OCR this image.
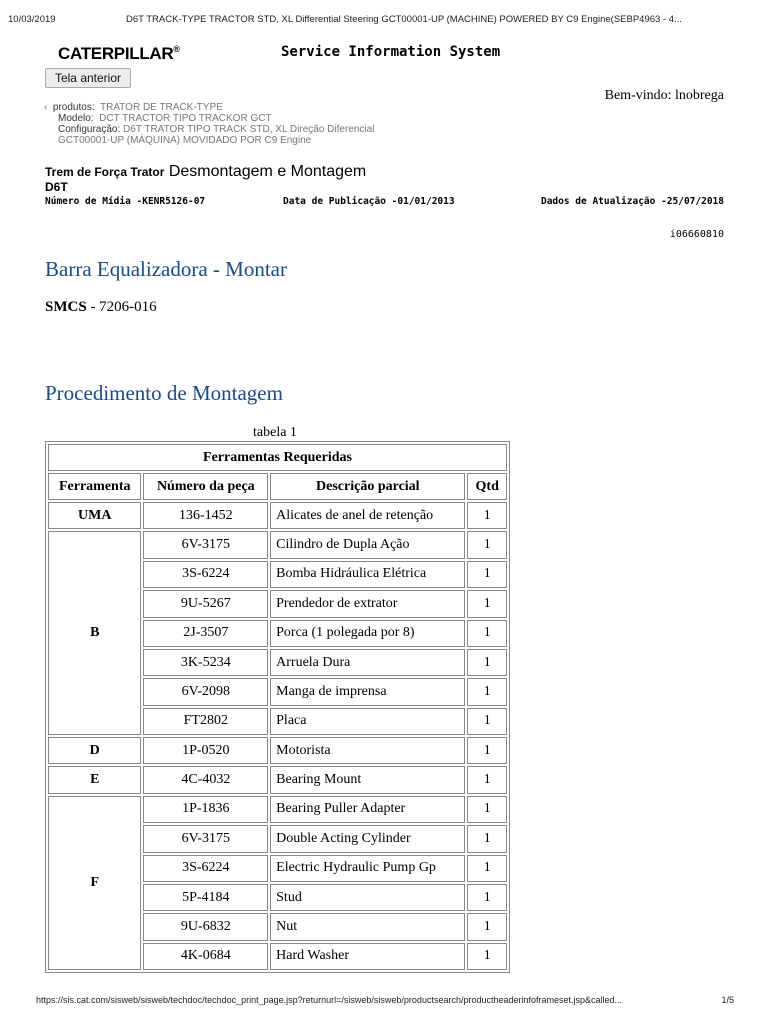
10/03/2019	D6T TRACK-TYPE TRACTOR STD, XL Differential Steering GCT00001-UP (MACHINE) POWERED BY C9 Engine(SEBP4963 - 4...
CATERPILLAR®	Service Information System
Tela anterior
Bem-vindo: lnobrega
‹ produtos: TRATOR DE TRACK-TYPE
Modelo: DCT TRACTOR TIPO TRACKOR GCT
Configuração: D6T TRATOR TIPO TRACK STD, XL Direção Diferencial
GCT00001-UP (MÁQUINA) MOVIDADO POR C9 Engine
Trem de Força Trator Desmontagem e Montagem
D6T
Número de Mídia -KENR5126-07	Data de Publicação -01/01/2013	Dados de Atualização -25/07/2018
i06660810
Barra Equalizadora - Montar
SMCS - 7206-016
Procedimento de Montagem
tabela 1
Ferramentas Requeridas			
Ferramenta	Número da peça	Descrição parcial	Qtd
UMA	136-1452	Alicates de anel de retenção	1
B	6V-3175	Cilindro de Dupla Ação	1
	3S-6224	Bomba Hidráulica Elétrica	1
	9U-5267	Prendedor de extrator	1
	2J-3507	Porca (1 polegada por 8)	1
	3K-5234	Arruela Dura	1
	6V-2098	Manga de imprensa	1
	FT2802	Placa	1
D	1P-0520	Motorista	1
E	4C-4032	Bearing Mount	1
F	1P-1836	Bearing Puller Adapter	1
	6V-3175	Double Acting Cylinder	1
	3S-6224	Electric Hydraulic Pump Gp	1
	5P-4184	Stud	1
	9U-6832	Nut	1
	4K-0684	Hard Washer	1
https://sis.cat.com/sisweb/sisweb/techdoc/techdoc_print_page.jsp?returnurl=/sisweb/sisweb/productsearch/productheaderinfoframeset.jsp&called...	1/5
